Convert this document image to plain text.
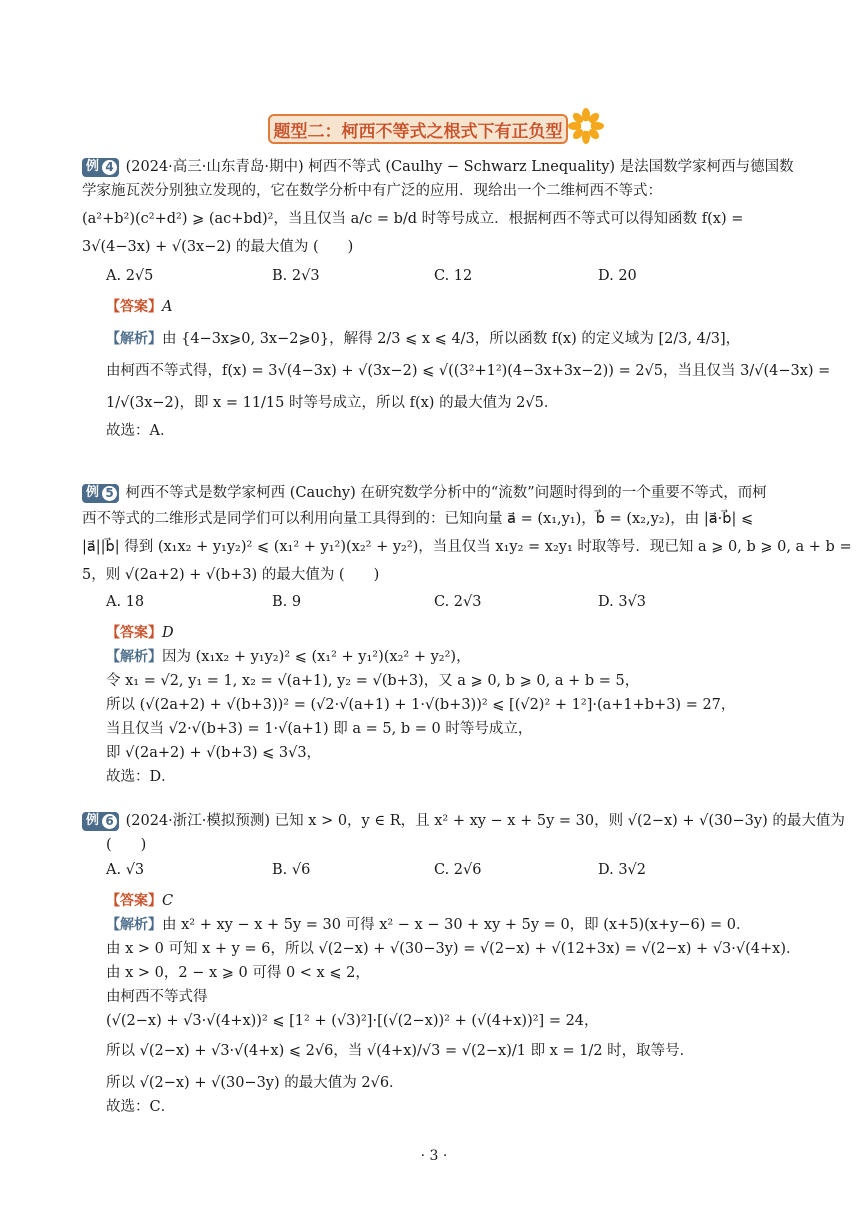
题型二：柯西不等式之根式下有正负型
例 4 (2024·高三·山东青岛·期中) 柯西不等式 (Caulhy − Schwarz Lnequality) 是法国数学家柯西与德国数
学家施瓦茨分别独立发现的，它在数学分析中有广泛的应用．现给出一个二维柯西不等式：
(a²+b²)(c²+d²) ⩾ (ac+bd)²，当且仅当 a/c = b/d 时等号成立．根据柯西不等式可以得知函数 f(x) =
3√(4−3x) + √(3x−2) 的最大值为 (　　)
A. 2√5	B. 2√3	C. 12	D. 20
【答案】A
【解析】由 {4−3x⩾0, 3x−2⩾0}，解得 2/3 ⩽ x ⩽ 4/3，所以函数 f(x) 的定义域为 [2/3, 4/3]，
由柯西不等式得，f(x) = 3√(4−3x) + √(3x−2) ⩽ √((3²+1²)(4−3x+3x−2)) = 2√5，当且仅当 3/√(4−3x) =
1/√(3x−2)，即 x = 11/15 时等号成立，所以 f(x) 的最大值为 2√5．
故选：A．
例 5 柯西不等式是数学家柯西 (Cauchy) 在研究数学分析中的“流数”问题时得到的一个重要不等式，而柯
西不等式的二维形式是同学们可以利用向量工具得到的：已知向量 a⃗ = (x₁,y₁)，b⃗ = (x₂,y₂)，由 |a⃗·b⃗| ⩽
|a⃗||b⃗| 得到 (x₁x₂ + y₁y₂)² ⩽ (x₁² + y₁²)(x₂² + y₂²)，当且仅当 x₁y₂ = x₂y₁ 时取等号．现已知 a ⩾ 0, b ⩾ 0, a + b =
5，则 √(2a+2) + √(b+3) 的最大值为 (　　)
A. 18	B. 9	C. 2√3	D. 3√3
【答案】D
【解析】因为 (x₁x₂ + y₁y₂)² ⩽ (x₁² + y₁²)(x₂² + y₂²)，
令 x₁ = √2, y₁ = 1, x₂ = √(a+1), y₂ = √(b+3)，又 a ⩾ 0, b ⩾ 0, a + b = 5，
所以 (√(2a+2) + √(b+3))² = (√2·√(a+1) + 1·√(b+3))² ⩽ [(√2)² + 1²]·(a+1+b+3) = 27，
当且仅当 √2·√(b+3) = 1·√(a+1) 即 a = 5, b = 0 时等号成立，
即 √(2a+2) + √(b+3) ⩽ 3√3，
故选：D．
例 6 (2024·浙江·模拟预测) 已知 x > 0，y ∈ R，且 x² + xy − x + 5y = 30，则 √(2−x) + √(30−3y) 的最大值为
(　　)
A. √3	B. √6	C. 2√6	D. 3√2
【答案】C
【解析】由 x² + xy − x + 5y = 30 可得 x² − x − 30 + xy + 5y = 0，即 (x+5)(x+y−6) = 0．
由 x > 0 可知 x + y = 6，所以 √(2−x) + √(30−3y) = √(2−x) + √(12+3x) = √(2−x) + √3·√(4+x)．
由 x > 0，2 − x ⩾ 0 可得 0 < x ⩽ 2，
由柯西不等式得
(√(2−x) + √3·√(4+x))² ⩽ [1² + (√3)²]·[(√(2−x))² + (√(4+x))²] = 24，
所以 √(2−x) + √3·√(4+x) ⩽ 2√6，当 √(4+x)/√3 = √(2−x)/1 即 x = 1/2 时，取等号．
所以 √(2−x) + √(30−3y) 的最大值为 2√6．
故选：C．
· 3 ·
